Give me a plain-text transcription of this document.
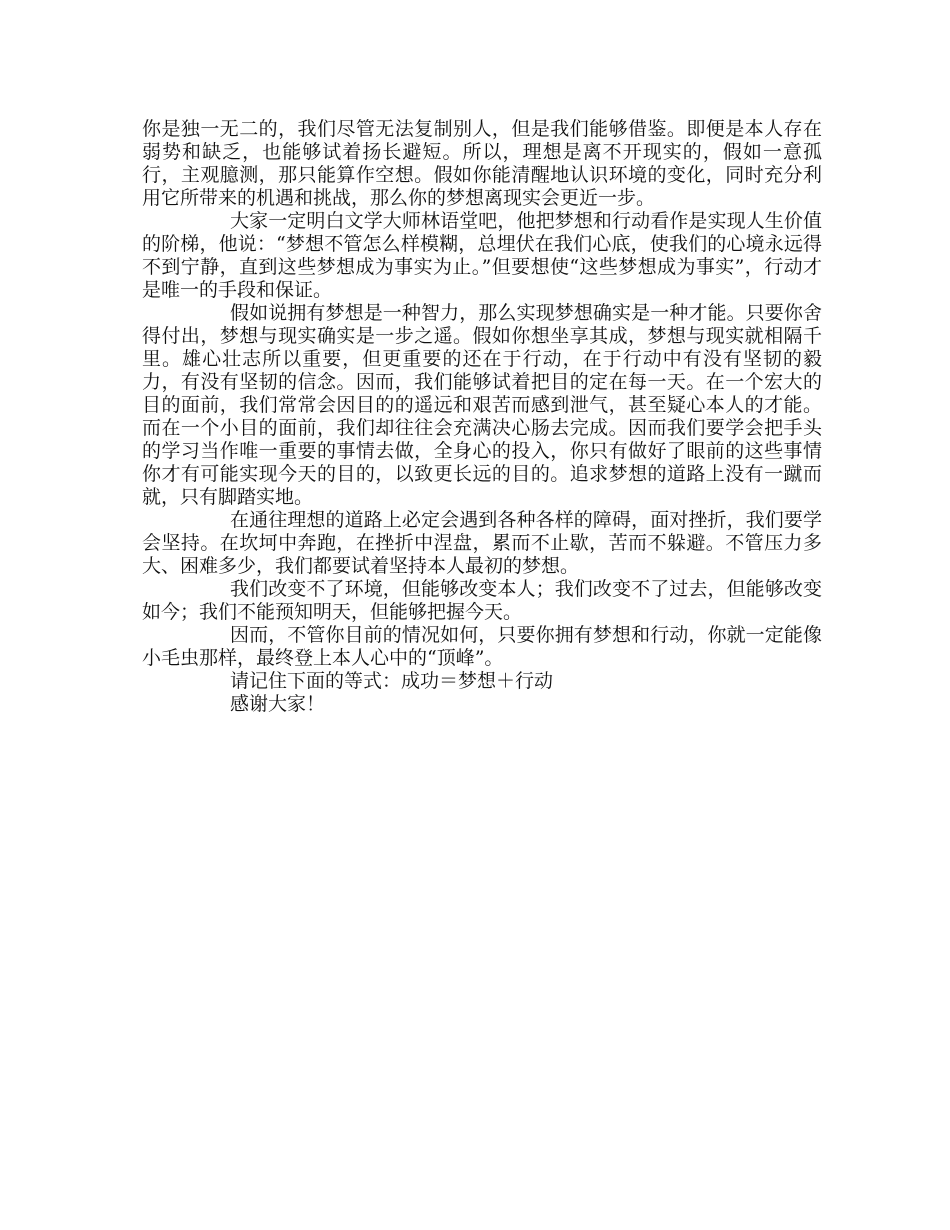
你是独一无二的，我们尽管无法复制别人，但是我们能够借鉴。即便是本人存在弱势和缺乏，也能够试着扬长避短。所以，理想是离不开现实的，假如一意孤行，主观臆测，那只能算作空想。假如你能清醒地认识环境的变化，同时充分利用它所带来的机遇和挑战，那么你的梦想离现实会更近一步。

大家一定明白文学大师林语堂吧，他把梦想和行动看作是实现人生价值的阶梯，他说：“梦想不管怎么样模糊，总埋伏在我们心底，使我们的心境永远得不到宁静，直到这些梦想成为事实为止。”但要想使“这些梦想成为事实”，行动才是唯一的手段和保证。

假如说拥有梦想是一种智力，那么实现梦想确实是一种才能。只要你舍得付出，梦想与现实确实是一步之遥。假如你想坐享其成，梦想与现实就相隔千里。雄心壮志所以重要，但更重要的还在于行动，在于行动中有没有坚韧的毅力，有没有坚韧的信念。因而，我们能够试着把目的定在每一天。在一个宏大的目的面前，我们常常会因目的的遥远和艰苦而感到泄气，甚至疑心本人的才能。而在一个小目的面前，我们却往往会充满决心肠去完成。因而我们要学会把手头的学习当作唯一重要的事情去做，全身心的投入，你只有做好了眼前的这些事情你才有可能实现今天的目的，以致更长远的目的。追求梦想的道路上没有一蹴而就，只有脚踏实地。

在通往理想的道路上必定会遇到各种各样的障碍，面对挫折，我们要学会坚持。在坎坷中奔跑，在挫折中涅盘，累而不止歇，苦而不躲避。不管压力多大、困难多少，我们都要试着坚持本人最初的梦想。

我们改变不了环境，但能够改变本人；我们改变不了过去，但能够改变如今；我们不能预知明天，但能够把握今天。

因而，不管你目前的情况如何，只要你拥有梦想和行动，你就一定能像小毛虫那样，最终登上本人心中的“顶峰”。

请记住下面的等式：成功＝梦想＋行动

感谢大家！
